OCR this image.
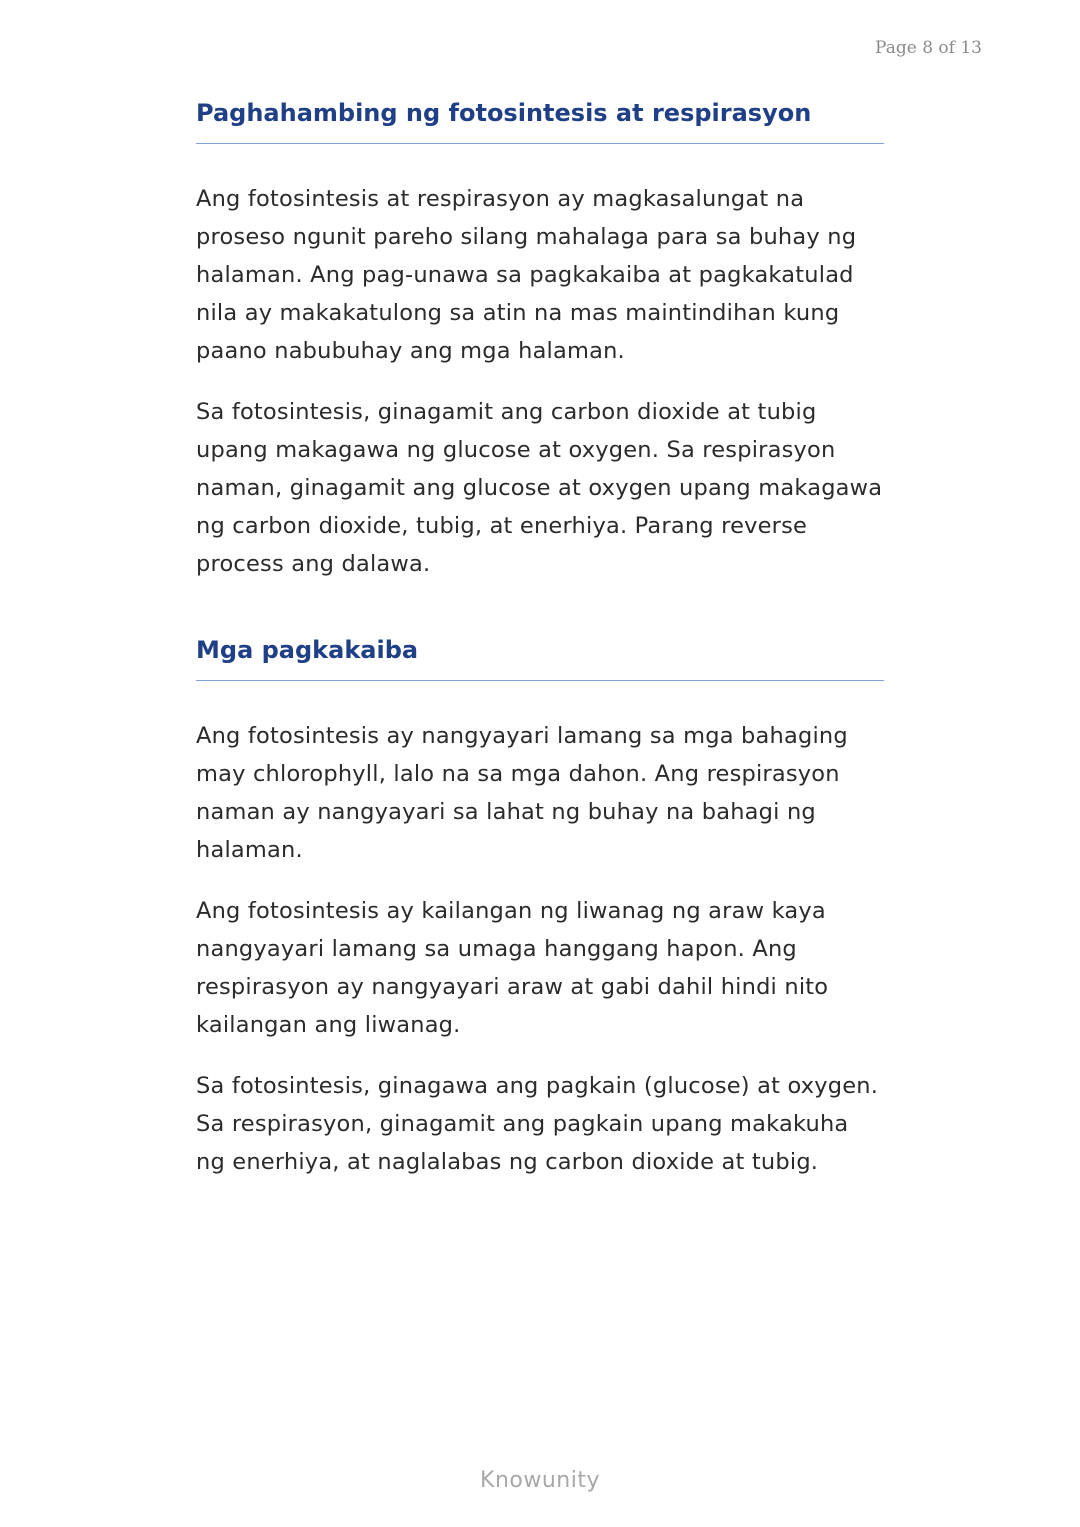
Page 8 of 13
Paghahambing ng fotosintesis at respirasyon

Ang fotosintesis at respirasyon ay magkasalungat na proseso ngunit pareho silang mahalaga para sa buhay ng halaman. Ang pag-unawa sa pagkakaiba at pagkakatulad nila ay makakatulong sa atin na mas maintindihan kung paano nabubuhay ang mga halaman.

Sa fotosintesis, ginagamit ang carbon dioxide at tubig upang makagawa ng glucose at oxygen. Sa respirasyon naman, ginagamit ang glucose at oxygen upang makagawa ng carbon dioxide, tubig, at enerhiya. Parang reverse process ang dalawa.

Mga pagkakaiba

Ang fotosintesis ay nangyayari lamang sa mga bahaging may chlorophyll, lalo na sa mga dahon. Ang respirasyon naman ay nangyayari sa lahat ng buhay na bahagi ng halaman.

Ang fotosintesis ay kailangan ng liwanag ng araw kaya nangyayari lamang sa umaga hanggang hapon. Ang respirasyon ay nangyayari araw at gabi dahil hindi nito kailangan ang liwanag.

Sa fotosintesis, ginagawa ang pagkain (glucose) at oxygen. Sa respirasyon, ginagamit ang pagkain upang makakuha ng enerhiya, at naglalabas ng carbon dioxide at tubig.

Knowunity
